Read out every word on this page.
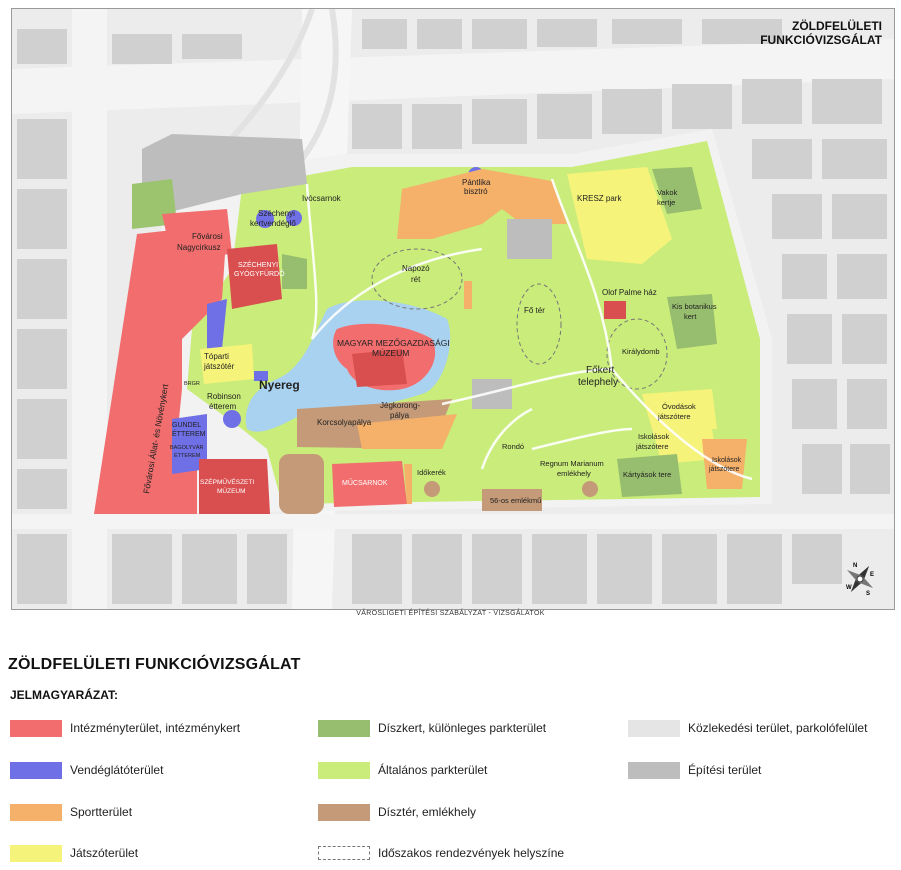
Ivócsarnok
Pántlika
bisztró
KRESZ park
Vakok
kertje
Széchenyi
kertvendéglő
Fővárosi
Nagycirkusz
SZÉCHENYI
GYÓGYFÜRDŐ
Napozó
rét
Fő tér
Olof Palme ház
Kis botanikus
kert
Királydomb
Főkert
telephely
MAGYAR MEZŐGAZDASÁGI
MÚZEUM
Tóparti
játszótér
BRGR	Nyereg
Robinson
étterem
Fővárosi Állat- és Növénykert GUNDEL
ÉTTEREM
BAGOLYVÁR
ÉTTEREM
Korcsolyapálya
Jégkorong-
pálya
Óvodások
játszótere
Iskolások
játszótere
Iskolások
játszótere
Kártyások tere
Rondó
Regnum Marianum
emlékhely
Időkerék
56-os emlékmű
MŰCSARNOK
SZÉPMŰVÉSZETI
MÚZEUM
N
E
S
W
ZÖLDFELÜLETI
FUNKCIÓVIZSGÁLAT
VÁROSLIGETI ÉPÍTÉSI SZABÁLYZAT - VIZSGÁLATOK
ZÖLDFELÜLETI FUNKCIÓVIZSGÁLAT
JELMAGYARÁZAT:
Intézményterület, intézménykert
Vendéglátóterület
Sportterület
Játszóterület
Díszkert, különleges parkterület
Általános parkterület
Dísztér, emlékhely
Időszakos rendezvények helyszíne
Közlekedési terület, parkolófelület
Építési terület
